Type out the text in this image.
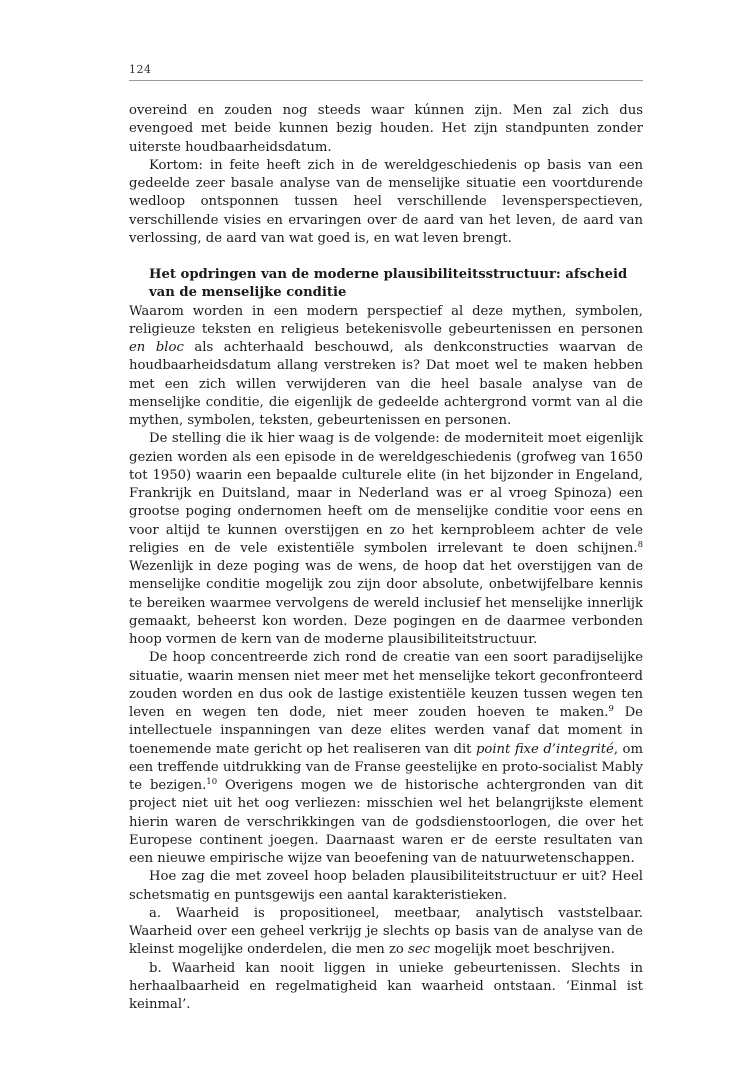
124

overeind en zouden nog steeds waar kúnnen zijn. Men zal zich dus evengoed met beide kunnen bezig houden. Het zijn standpunten zonder uiterste houdbaarheidsdatum.

Kortom: in feite heeft zich in de wereldgeschiedenis op basis van een gedeelde zeer basale analyse van de menselijke situatie een voortdurende wedloop ontsponnen tussen heel verschillende levensperspectieven, verschillende visies en ervaringen over de aard van het leven, de aard van verlossing, de aard van wat goed is, en wat leven brengt.

Het opdringen van de moderne plausibiliteitsstructuur: afscheid van de menselijke conditie

Waarom worden in een modern perspectief al deze mythen, symbolen, religieuze teksten en religieus betekenisvolle gebeurtenissen en personen en bloc als achterhaald beschouwd, als denkconstructies waarvan de houdbaarheidsdatum allang verstreken is? Dat moet wel te maken hebben met een zich willen verwijderen van die heel basale analyse van de menselijke conditie, die eigenlijk de gedeelde achtergrond vormt van al die mythen, symbolen, teksten, gebeurtenissen en personen.

De stelling die ik hier waag is de volgende: de moderniteit moet eigenlijk gezien worden als een episode in de wereldgeschiedenis (grofweg van 1650 tot 1950) waarin een bepaalde culturele elite (in het bijzonder in Engeland, Frankrijk en Duitsland, maar in Nederland was er al vroeg Spinoza) een grootse poging ondernomen heeft om de menselijke conditie voor eens en voor altijd te kunnen overstijgen en zo het kernprobleem achter de vele religies en de vele existentiële symbolen irrelevant te doen schijnen.$^8$ Wezenlijk in deze poging was de wens, de hoop dat het overstijgen van de menselijke conditie mogelijk zou zijn door absolute, onbetwijfelbare kennis te bereiken waarmee vervolgens de wereld inclusief het menselijke innerlijk gemaakt, beheerst kon worden. Deze pogingen en de daarmee verbonden hoop vormen de kern van de moderne plausibiliteitstructuur.

De hoop concentreerde zich rond de creatie van een soort paradijselijke situatie, waarin mensen niet meer met het menselijke tekort geconfronteerd zouden worden en dus ook de lastige existentiële keuzen tussen wegen ten leven en wegen ten dode, niet meer zouden hoeven te maken.$^9$ De intellectuele inspanningen van deze elites werden vanaf dat moment in toenemende mate gericht op het realiseren van dit point fixe d’integrité, om een treffende uitdrukking van de Franse geestelijke en proto-socialist Mably te bezigen.$^{10}$ Overigens mogen we de historische achtergronden van dit project niet uit het oog verliezen: misschien wel het belangrijkste element hierin waren de verschrikkingen van de godsdienstoorlogen, die over het Europese continent joegen. Daarnaast waren er de eerste resultaten van een nieuwe empirische wijze van beoefening van de natuurwetenschappen.

Hoe zag die met zoveel hoop beladen plausibiliteitstructuur er uit? Heel schetsmatig en puntsgewijs een aantal karakteristieken.

a. Waarheid is propositioneel, meetbaar, analytisch vaststelbaar. Waarheid over een geheel verkrijg je slechts op basis van de analyse van de kleinst mogelijke onderdelen, die men zo sec mogelijk moet beschrijven.

b. Waarheid kan nooit liggen in unieke gebeurtenissen. Slechts in herhaalbaarheid en regelmatigheid kan waarheid ontstaan. ‘Einmal ist keinmal’.
